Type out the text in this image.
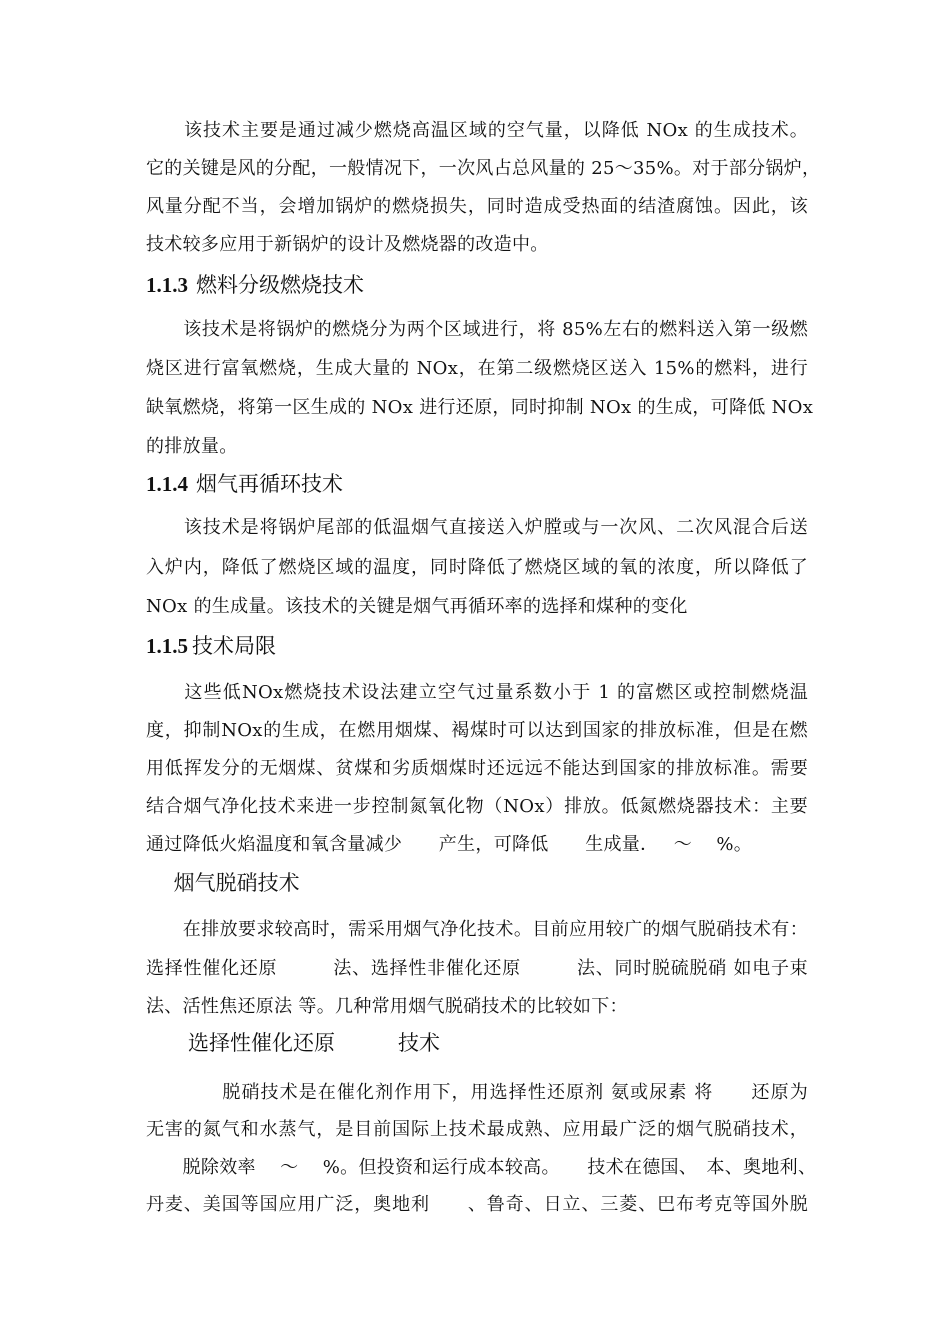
　　该技术主要是通过减少燃烧高温区域的空气量，以降低 NOx 的生成技术。
它的关键是风的分配，一般情况下，一次风占总风量的 25～35%。对于部分锅炉，
风量分配不当，会增加锅炉的燃烧损失，同时造成受热面的结渣腐蚀。因此，该
技术较多应用于新锅炉的设计及燃烧器的改造中。
1.1.3 燃料分级燃烧技术
　　该技术是将锅炉的燃烧分为两个区域进行，将 85%左右的燃料送入第一级燃
烧区进行富氧燃烧，生成大量的 NOx，在第二级燃烧区送入 15%的燃料，进行
缺氧燃烧，将第一区生成的 NOx 进行还原，同时抑制 NOx 的生成，可降低 NOx
的排放量。
1.1.4 烟气再循环技术
　　该技术是将锅炉尾部的低温烟气直接送入炉膛或与一次风、二次风混合后送
入炉内，降低了燃烧区域的温度，同时降低了燃烧区域的氧的浓度，所以降低了
NOx 的生成量。该技术的关键是烟气再循环率的选择和煤种的变化
1.1.5 技术局限
　　这些低NOx燃烧技术设法建立空气过量系数小于 1 的富燃区或控制燃烧温
度，抑制NOx的生成，在燃用烟煤、褐煤时可以达到国家的排放标准，但是在燃
用低挥发分的无烟煤、贫煤和劣质烟煤时还远远不能达到国家的排放标准。需要
结合烟气净化技术来进一步控制氮氧化物（NOx）排放。低氮燃烧器技术：主要
通过降低火焰温度和氧含量减少　　产生，可降低　　生成量．　 ～　 %。
　 烟气脱硝技术
　　在排放要求较高时，需采用烟气净化技术。目前应用较广的烟气脱硝技术有：
选择性催化还原　　　法、选择性非催化还原　　　法、同时脱硫脱硝 如电子束
法、活性焦还原法 等。几种常用烟气脱硝技术的比较如下：
　　选择性催化还原　　　技术
　　　　脱硝技术是在催化剂作用下，用选择性还原剂 氨或尿素 将　　还原为
无害的氮气和水蒸气，是目前国际上技术最成熟、应用最广泛的烟气脱硝技术，
　　脱除效率　 ～　 %。但投资和运行成本较高。　　技术在德国、　本、奥地利、
丹麦、美国等国应用广泛，奥地利　　、鲁奇、日立、三菱、巴布考克等国外脱
